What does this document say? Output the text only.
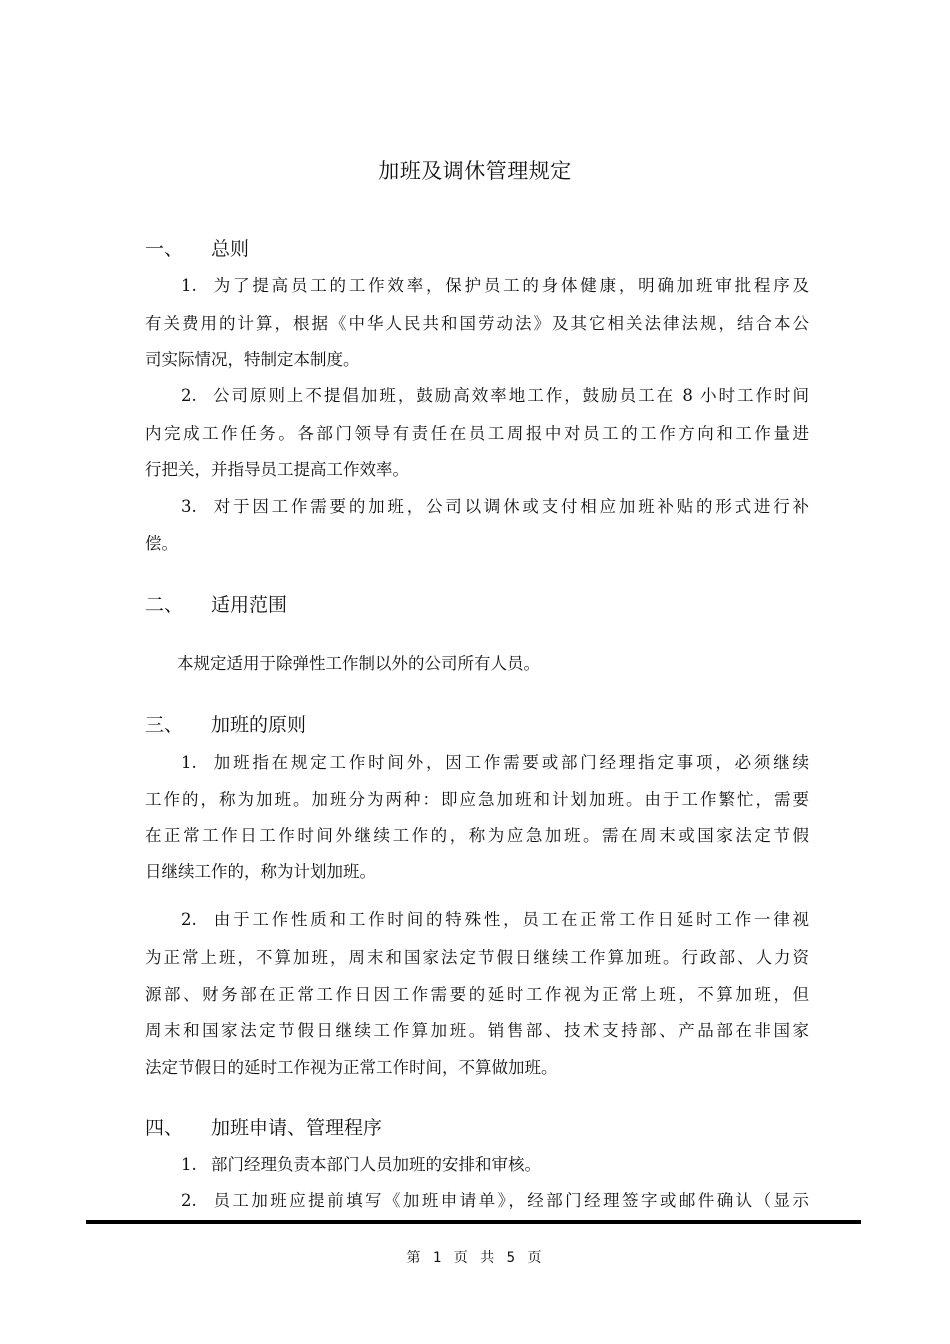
加班及调休管理规定
一、 总则
1. 为了提高员工的工作效率，保护员工的身体健康，明确加班审批程序及
有关费用的计算，根据《中华人民共和国劳动法》及其它相关法律法规，结合本公
司实际情况，特制定本制度。
2. 公司原则上不提倡加班，鼓励高效率地工作，鼓励员工在 8 小时工作时间
内完成工作任务。各部门领导有责任在员工周报中对员工的工作方向和工作量进
行把关，并指导员工提高工作效率。
3. 对于因工作需要的加班，公司以调休或支付相应加班补贴的形式进行补
偿。
二、 适用范围
本规定适用于除弹性工作制以外的公司所有人员。
三、 加班的原则
1. 加班指在规定工作时间外，因工作需要或部门经理指定事项，必须继续
工作的，称为加班。加班分为两种：即应急加班和计划加班。由于工作繁忙，需要
在正常工作日工作时间外继续工作的，称为应急加班。需在周末或国家法定节假
日继续工作的，称为计划加班。
2. 由于工作性质和工作时间的特殊性，员工在正常工作日延时工作一律视
为正常上班，不算加班，周末和国家法定节假日继续工作算加班。行政部、人力资
源部、财务部在正常工作日因工作需要的延时工作视为正常上班，不算加班，但
周末和国家法定节假日继续工作算加班。销售部、技术支持部、产品部在非国家
法定节假日的延时工作视为正常工作时间，不算做加班。
四、 加班申请、管理程序
1. 部门经理负责本部门人员加班的安排和审核。
2. 员工加班应提前填写《加班申请单》，经部门经理签字或邮件确认（显示
第 1 页 共 5 页
